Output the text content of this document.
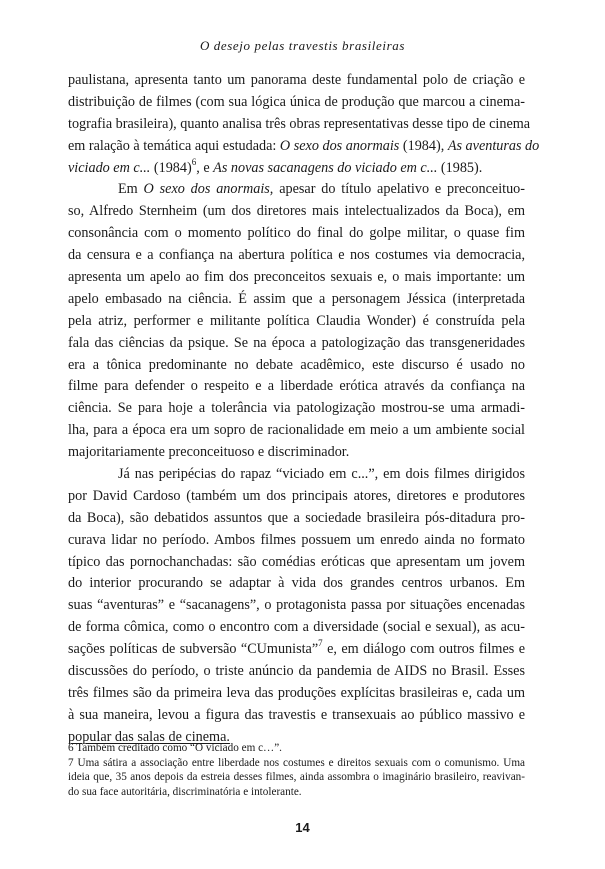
O desejo pelas travestis brasileiras
paulistana, apresenta tanto um panorama deste fundamental polo de criação e
distribuição de filmes (com sua lógica única de produção que marcou a cinema-
tografia brasileira), quanto analisa três obras representativas desse tipo de cinema
em ralação à temática aqui estudada: O sexo dos anormais (1984), As aventuras do
viciado em c... $(1984)^6$, e As novas sacanagens do viciado em c... (1985).
Em O sexo dos anormais, apesar do título apelativo e preconceituo-
so, Alfredo Sternheim (um dos diretores mais intelectualizados da Boca), em
consonância com o momento político do final do golpe militar, o quase fim
da censura e a confiança na abertura política e nos costumes via democracia,
apresenta um apelo ao fim dos preconceitos sexuais e, o mais importante: um
apelo embasado na ciência. É assim que a personagem Jéssica (interpretada
pela atriz, performer e militante política Claudia Wonder) é construída pela
fala das ciências da psique. Se na época a patologização das transgeneridades
era a tônica predominante no debate acadêmico, este discurso é usado no
filme para defender o respeito e a liberdade erótica através da confiança na
ciência. Se para hoje a tolerância via patologização mostrou-se uma armadi-
lha, para a época era um sopro de racionalidade em meio a um ambiente social
majoritariamente preconceituoso e discriminador.
Já nas peripécias do rapaz “viciado em c...”, em dois filmes dirigidos
por David Cardoso (também um dos principais atores, diretores e produtores
da Boca), são debatidos assuntos que a sociedade brasileira pós-ditadura pro-
curava lidar no período. Ambos filmes possuem um enredo ainda no formato
típico das pornochanchadas: são comédias eróticas que apresentam um jovem
do interior procurando se adaptar à vida dos grandes centros urbanos. Em
suas “aventuras” e “sacanagens”, o protagonista passa por situações encenadas
de forma cômica, como o encontro com a diversidade (social e sexual), as acu-
sações políticas de subversão “CUmunista”$^7$ e, em diálogo com outros filmes e
discussões do período, o triste anúncio da pandemia de AIDS no Brasil. Esses
três filmes são da primeira leva das produções explícitas brasileiras e, cada um
à sua maneira, levou a figura das travestis e transexuais ao público massivo e
popular das salas de cinema.
6 Também creditado como “O viciado em c…”.
7 Uma sátira a associação entre liberdade nos costumes e direitos sexuais com o comunismo. Uma
ideia que, 35 anos depois da estreia desses filmes, ainda assombra o imaginário brasileiro, reavivan-
do sua face autoritária, discriminatória e intolerante.
14
